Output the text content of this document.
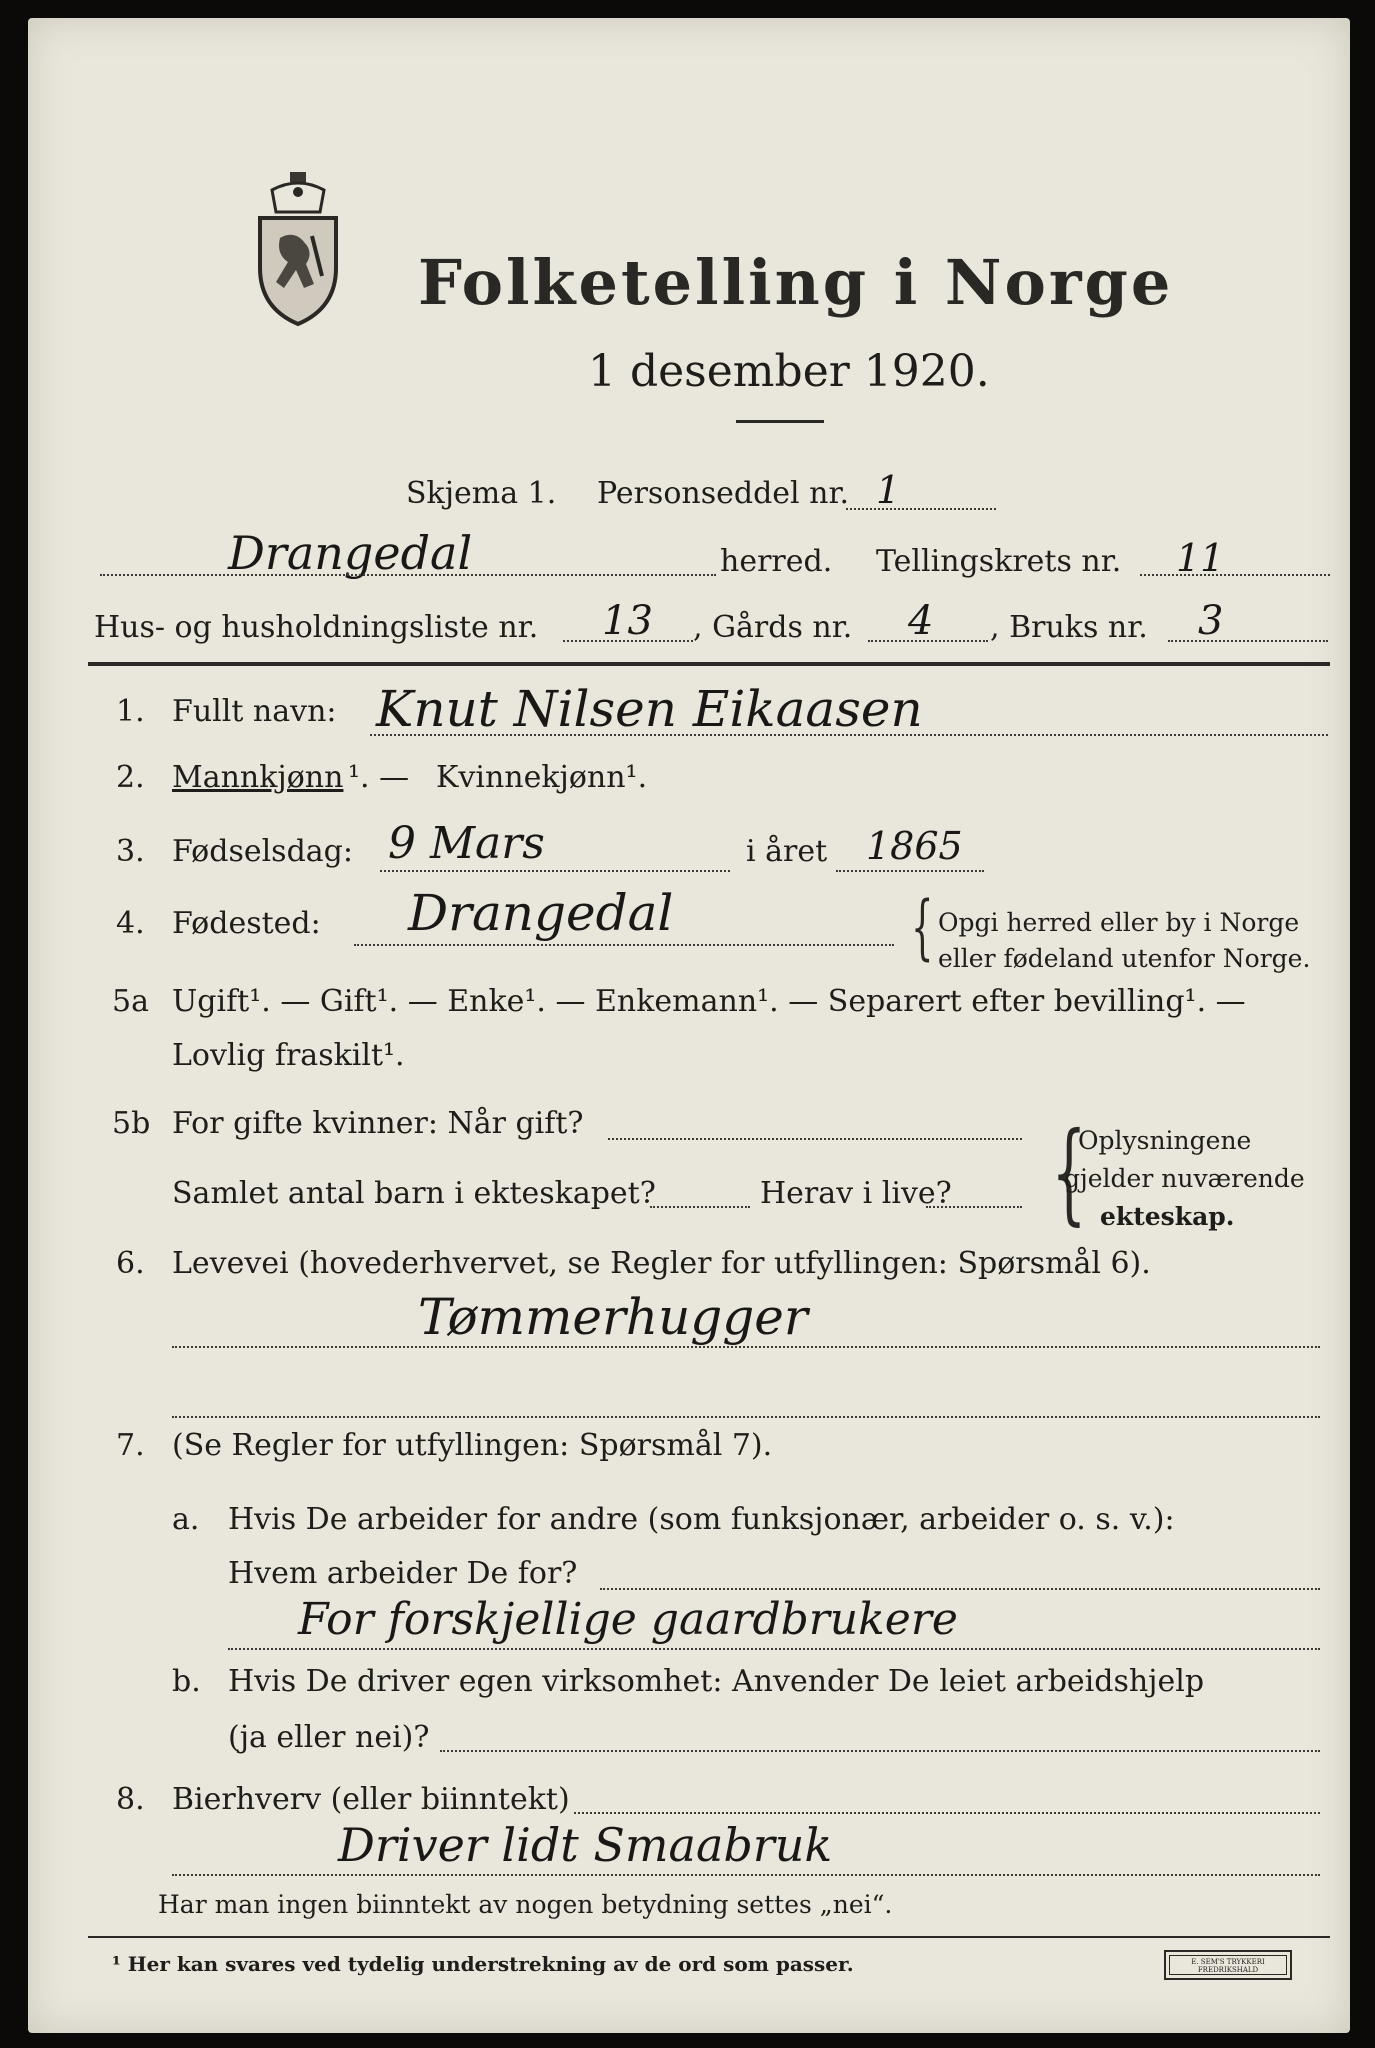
Folketelling i Norge
1 desember 1920.
Skjema 1. Personseddel nr. 1
Drangedal	herred. Tellingskrets nr. 11
Hus- og husholdningsliste nr. 13 , Gårds nr. 4 , Bruks nr. 3
1. Fullt navn: Knut Nilsen Eikaasen
2. Mannkjønn ¹. — Kvinnekjønn¹.
3. Fødselsdag: 9 Mars	i året 1865
4. Fødested: Drangedal	{ Opgi herred eller by i Norge
eller fødeland utenfor Norge.
5a Ugift¹. — Gift¹. — Enke¹. — Enkemann¹. — Separert efter bevilling¹. —
Lovlig fraskilt¹.
5b For gifte kvinner: Når gift?
Samlet antal barn i ekteskapet?	Herav i live? {
Oplysningene
gjelder nuværende
ekteskap.
6. Levevei (hovederhvervet, se Regler for utfyllingen: Spørsmål 6).
Tømmerhugger
7. (Se Regler for utfyllingen: Spørsmål 7).
a. Hvis De arbeider for andre (som funksjonær, arbeider o. s. v.):
Hvem arbeider De for?
For forskjellige gaardbrukere
b. Hvis De driver egen virksomhet: Anvender De leiet arbeidshjelp
(ja eller nei)?
8. Bierhverv (eller biinntekt)
Driver lidt Smaabruk
Har man ingen biinntekt av nogen betydning settes „nei“.
¹ Her kan svares ved tydelig understrekning av de ord som passer.	E. SEM'S TRYKKERI FREDRIKSHALD
